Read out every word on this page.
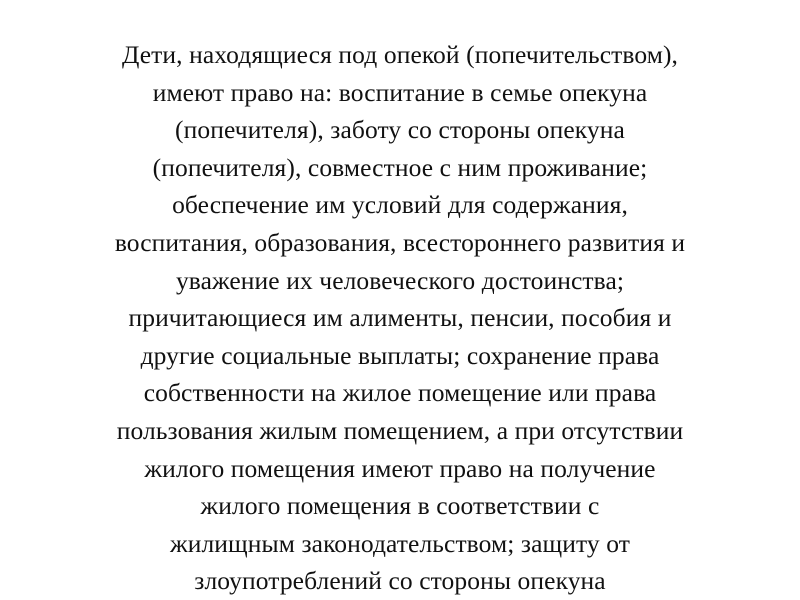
Дети, находящиеся под опекой (попечительством),
имеют право на: воспитание в семье опекуна
(попечителя), заботу со стороны опекуна
(попечителя), совместное с ним проживание;
обеспечение им условий для содержания,
воспитания, образования, всестороннего развития и
уважение их человеческого достоинства;
причитающиеся им алименты, пенсии, пособия и
другие социальные выплаты; сохранение права
собственности на жилое помещение или права
пользования жилым помещением, а при отсутствии
жилого помещения имеют право на получение
жилого помещения в соответствии с
жилищным законодательством; защиту от
злоупотреблений со стороны опекуна
